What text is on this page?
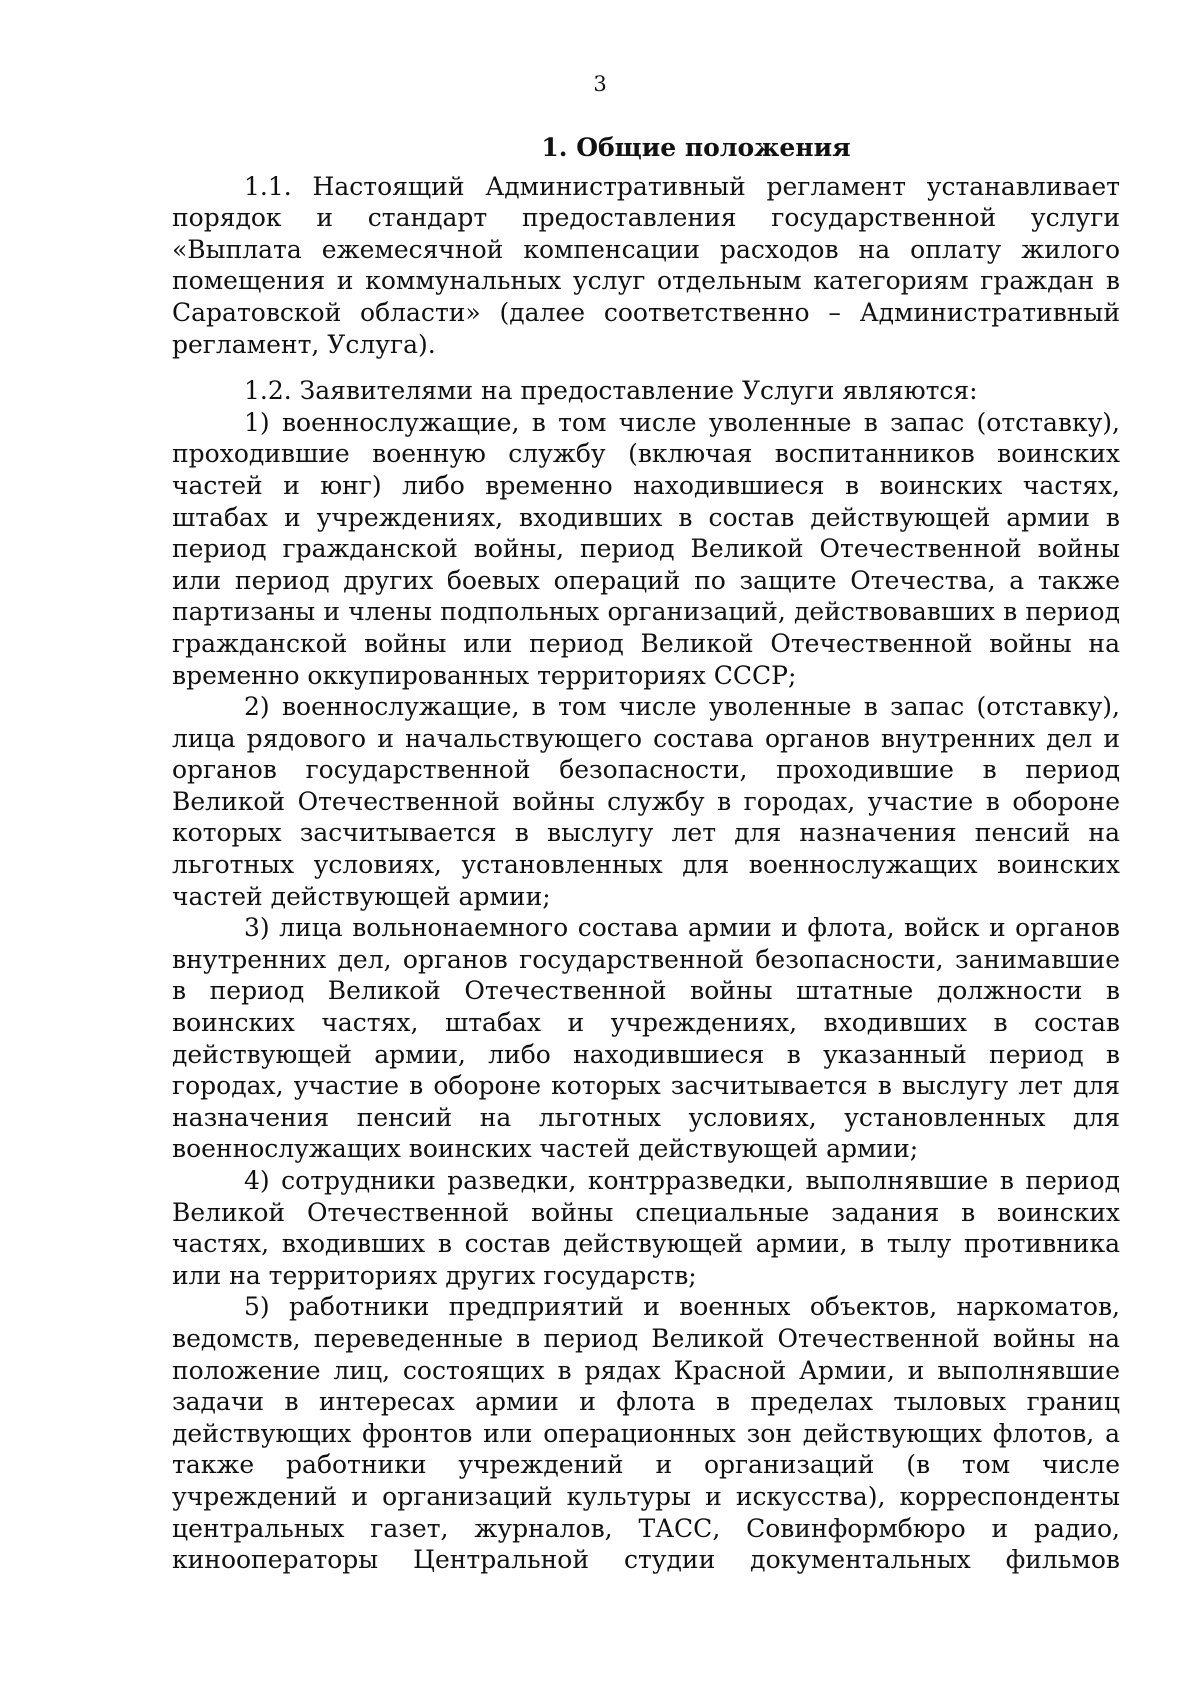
3
1. Общие положения

1.1. Настоящий Административный регламент устанавливает порядок и стандарт предоставления государственной услуги «Выплата ежемесячной компенсации расходов на оплату жилого помещения и коммунальных услуг отдельным категориям граждан в Саратовской области» (далее соответственно – Административный регламент, Услуга).

1.2. Заявителями на предоставление Услуги являются:

1) военнослужащие, в том числе уволенные в запас (отставку), проходившие военную службу (включая воспитанников воинских частей и юнг) либо временно находившиеся в воинских частях, штабах и учреждениях, входивших в состав действующей армии в период гражданской войны, период Великой Отечественной войны или период других боевых операций по защите Отечества, а также партизаны и члены подпольных организаций, действовавших в период гражданской войны или период Великой Отечественной войны на временно оккупированных территориях СССР;

2) военнослужащие, в том числе уволенные в запас (отставку), лица рядового и начальствующего состава органов внутренних дел и органов государственной безопасности, проходившие в период Великой Отечественной войны службу в городах, участие в обороне которых засчитывается в выслугу лет для назначения пенсий на льготных условиях, установленных для военнослужащих воинских частей действующей армии;

3) лица вольнонаемного состава армии и флота, войск и органов внутренних дел, органов государственной безопасности, занимавшие в период Великой Отечественной войны штатные должности в воинских частях, штабах и учреждениях, входивших в состав действующей армии, либо находившиеся в указанный период в городах, участие в обороне которых засчитывается в выслугу лет для назначения пенсий на льготных условиях, установленных для военнослужащих воинских частей действующей армии;

4) сотрудники разведки, контрразведки, выполнявшие в период Великой Отечественной войны специальные задания в воинских частях, входивших в состав действующей армии, в тылу противника или на территориях других государств;

5) работники предприятий и военных объектов, наркоматов, ведомств, переведенные в период Великой Отечественной войны на положение лиц, состоящих в рядах Красной Армии, и выполнявшие задачи в интересах армии и флота в пределах тыловых границ действующих фронтов или операционных зон действующих флотов, а также работники учреждений и организаций (в том числе учреждений и организаций культуры и искусства), корреспонденты центральных газет, журналов, ТАСС, Совинформбюро и радио, кинооператоры Центральной студии документальных фильмов
